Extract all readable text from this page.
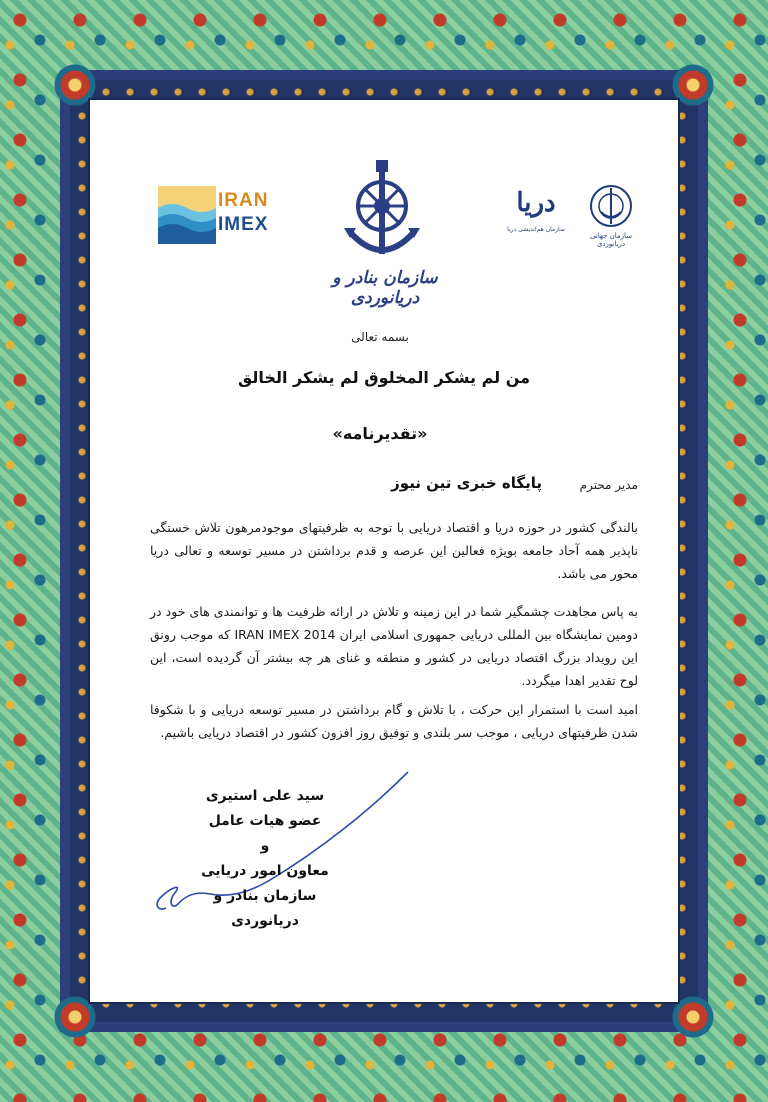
IRAN
IMEX
سازمان بنادر و دریانوردی
دریا
سازمان هم‌اندیشی دریا
سازمان جهانی دریانوردی
بسمه تعالی
من لم یشکر المخلوق لم یشکر الخالق
«تقدیرنامه»
مدیر محترم
پایگاه خبری تین نیوز
بالندگی کشور در حوزه دریا و اقتصاد دریایی با توجه به ظرفیتهای موجودمرهون تلاش خستگی ناپذیر همه آحاد جامعه بویژه فعالین این عرصه و قدم برداشتن در مسیر توسعه و تعالی دریا محور می باشد.
به پاس مجاهدت چشمگیر شما در این زمینه و تلاش در ارائه ظرفیت ها و توانمندی های خود در دومین نمایشگاه بین المللی دریایی جمهوری اسلامی ایران IRAN IMEX 2014 که موجب رونق این رویداد بزرگ اقتصاد دریایی در کشور و منطقه و غنای هر چه بیشتر آن گردیده است، این لوح تقدیر اهدا میگردد.
امید است با استمرار این حرکت ، با تلاش و گام برداشتن در مسیر توسعه دریایی و با شکوفا شدن ظرفیتهای دریایی ، موجب سر بلندی و توفیق روز افزون کشور در اقتصاد دریایی باشیم.
سید علی استیری
عضو هیات عامل
و
معاون امور دریایی
سازمان بنادر و دریانوردی
